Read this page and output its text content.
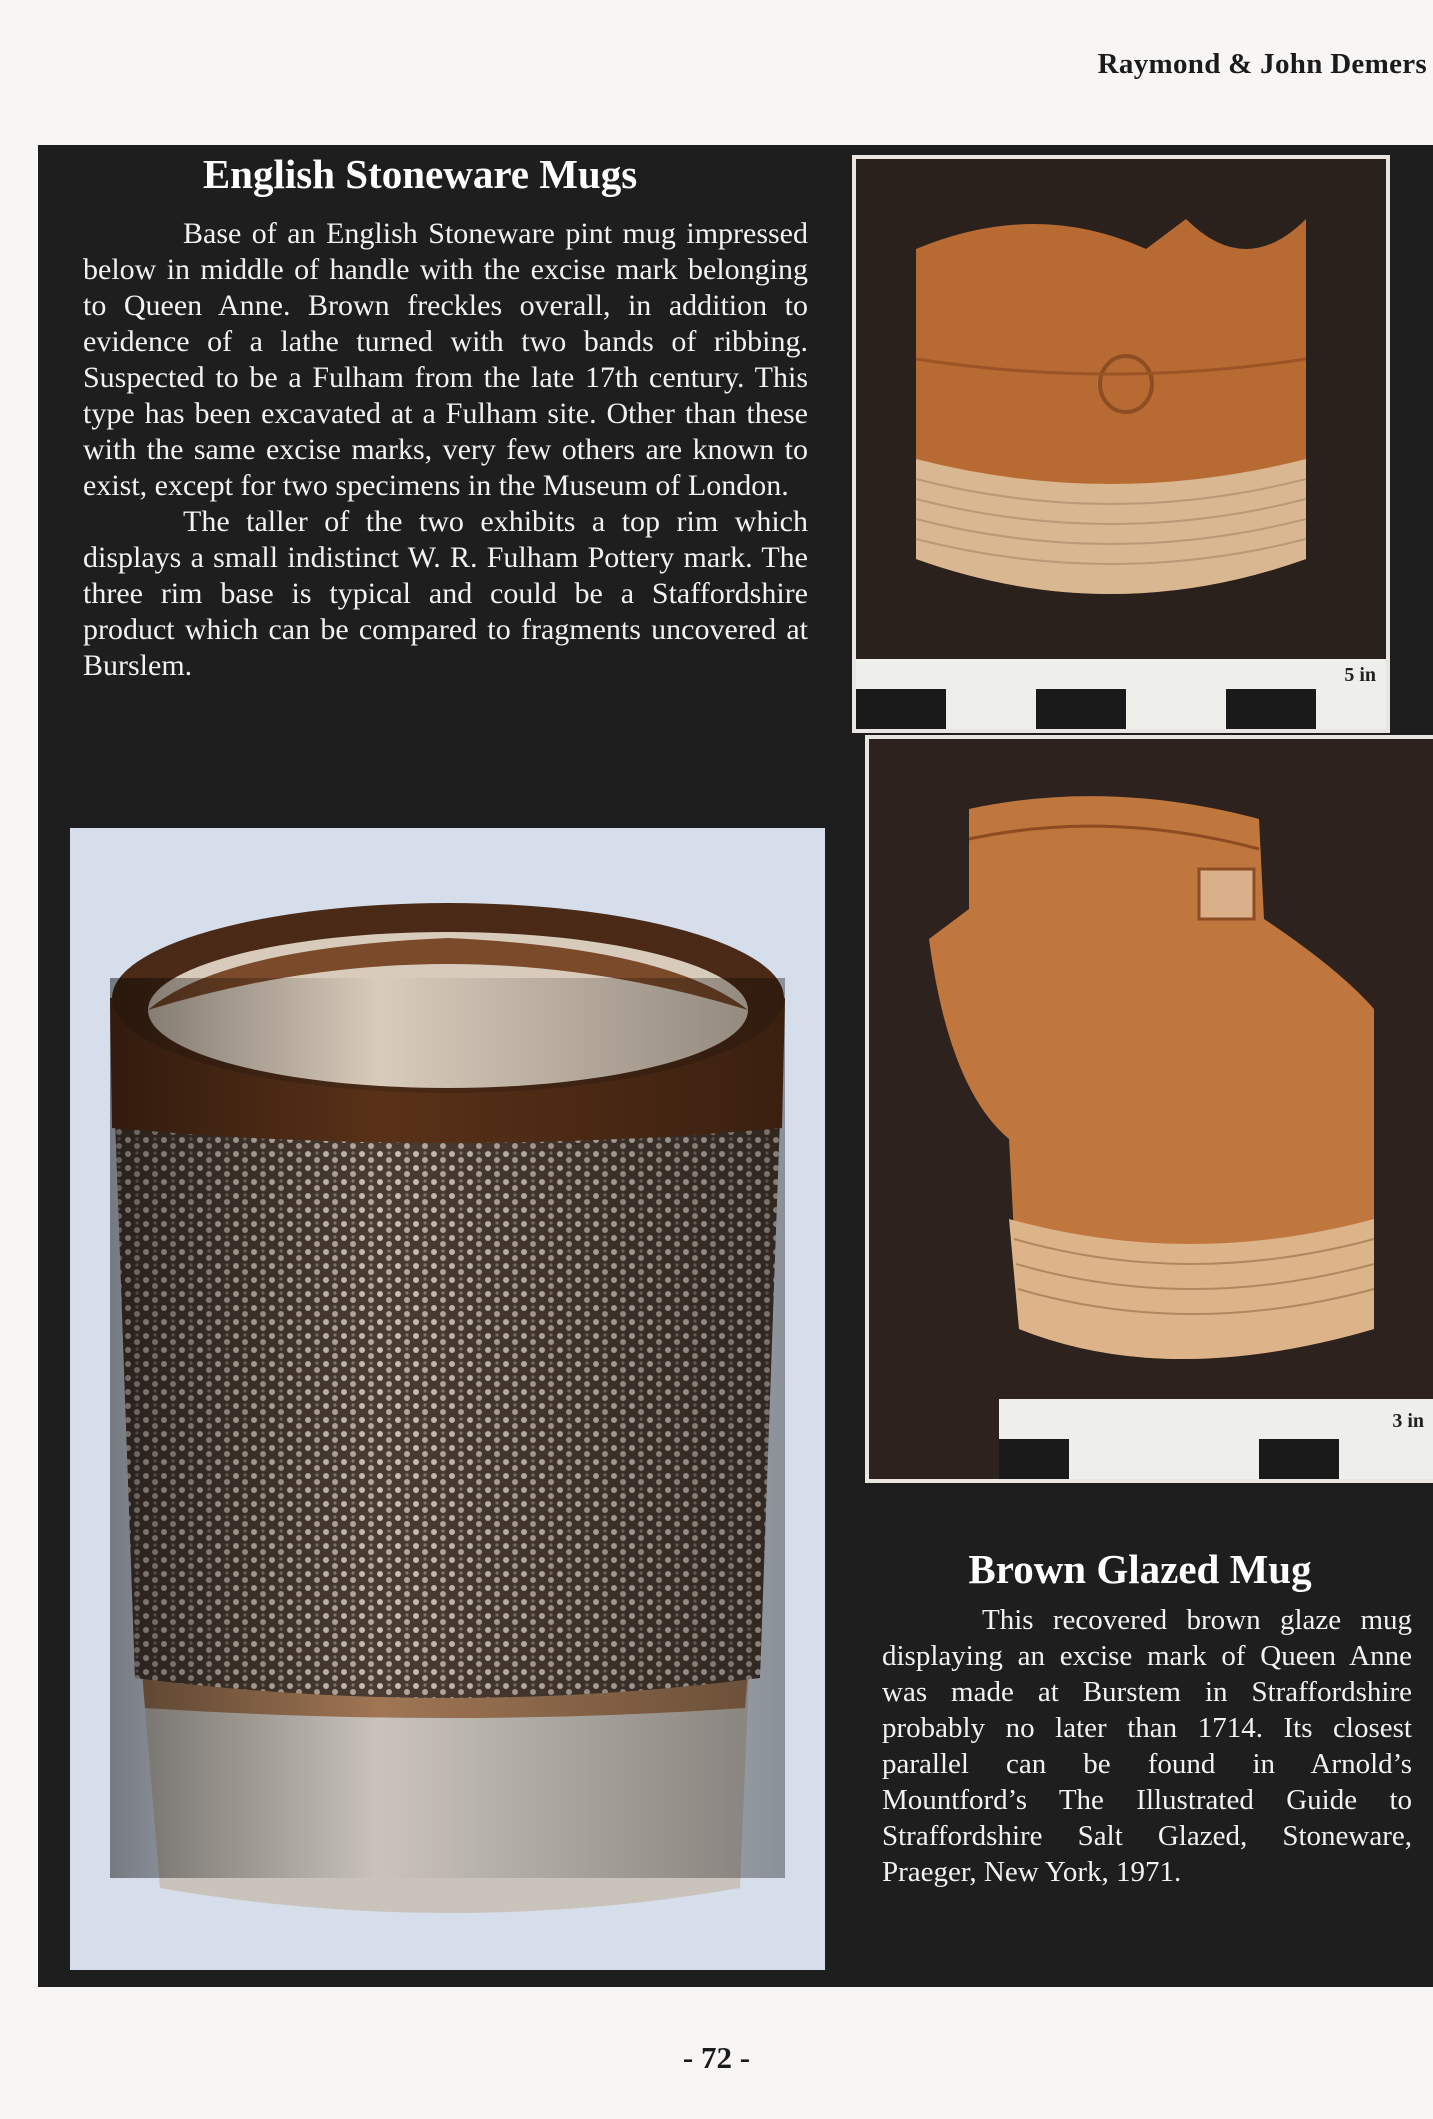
Raymond & John Demers
English Stoneware Mugs

Base of an English Stoneware pint mug impressed below in middle of handle with the excise mark belonging to Queen Anne. Brown freckles overall, in addition to evidence of a lathe turned with two bands of ribbing. Suspected to be a Fulham from the late 17th century. This type has been excavated at a Fulham site. Other than these with the same excise marks, very few others are known to exist, except for two specimens in the Museum of London.

The taller of the two exhibits a top rim which displays a small indistinct W. R. Fulham Pottery mark. The three rim base is typical and could be a Staffordshire product which can be compared to fragments uncovered at Burslem.	5 in
3 in
Brown Glazed Mug

This recovered brown glaze mug displaying an excise mark of Queen Anne was made at Burstem in Straffordshire probably no later than 1714. Its closest parallel can be found in Arnold’s Mountford’s The Illustrated Guide to Straffordshire Salt Glazed, Stoneware, Praeger, New York, 1971.

- 72 -
